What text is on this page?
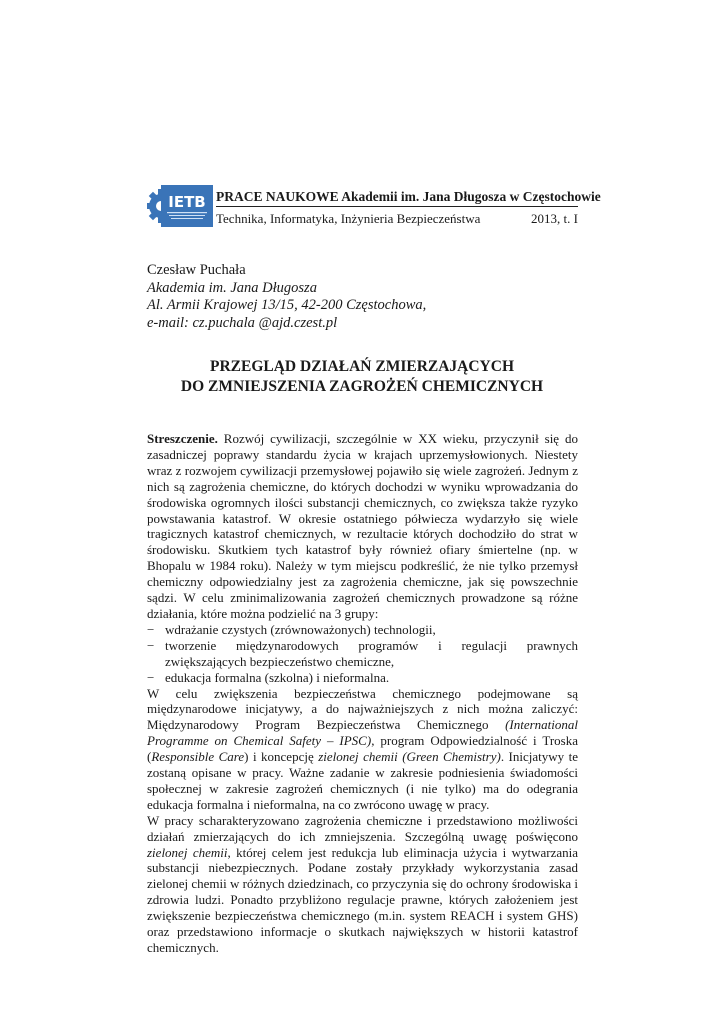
IETB PRACE NAUKOWE Akademii im. Jana Długosza w Częstochowie
Technika, Informatyka, Inżynieria Bezpieczeństwa	2013, t. I
Czesław Puchała
Akademia im. Jana Długosza
Al. Armii Krajowej 13/15, 42-200 Częstochowa,
e-mail: cz.puchala @ajd.czest.pl
PRZEGLĄD DZIAŁAŃ ZMIERZAJĄCYCH
DO ZMNIEJSZENIA ZAGROŻEŃ CHEMICZNYCH

Streszczenie. Rozwój cywilizacji, szczególnie w XX wieku, przyczynił się do zasadniczej poprawy standardu życia w krajach uprzemysłowionych. Niestety wraz z rozwojem cywilizacji przemysłowej pojawiło się wiele zagrożeń. Jednym z nich są zagrożenia chemiczne, do których dochodzi w wyniku wprowadzania do środowiska ogromnych ilości substancji chemicznych, co zwiększa także ryzyko powstawania katastrof. W okresie ostatniego półwiecza wydarzyło się wiele tragicznych katastrof chemicznych, w rezultacie których dochodziło do strat w środowisku. Skutkiem tych katastrof były również ofiary śmiertelne (np. w Bhopalu w 1984 roku). Należy w tym miejscu podkreślić, że nie tylko przemysł chemiczny odpowiedzialny jest za zagrożenia chemiczne, jak się powszechnie sądzi. W celu zminimalizowania zagrożeń chemicznych prowadzone są różne działania, które można podzielić na 3 grupy:

− wdrażanie czystych (zrównoważonych) technologii,
− tworzenie międzynarodowych programów i regulacji prawnych zwiększających bezpieczeństwo chemiczne,
− edukacja formalna (szkolna) i nieformalna.

W celu zwiększenia bezpieczeństwa chemicznego podejmowane są międzynarodowe inicjatywy, a do najważniejszych z nich można zaliczyć: Międzynarodowy Program Bezpieczeństwa Chemicznego (International Programme on Chemical Safety – IPSC), program Odpowiedzialność i Troska (Responsible Care) i koncepcję zielonej chemii (Green Chemistry). Inicjatywy te zostaną opisane w pracy. Ważne zadanie w zakresie podniesienia świadomości społecznej w zakresie zagrożeń chemicznych (i nie tylko) ma do odegrania edukacja formalna i nieformalna, na co zwrócono uwagę w pracy.

W pracy scharakteryzowano zagrożenia chemiczne i przedstawiono możliwości działań zmierzających do ich zmniejszenia. Szczególną uwagę poświęcono zielonej chemii, której celem jest redukcja lub eliminacja użycia i wytwarzania substancji niebezpiecznych. Podane zostały przykłady wykorzystania zasad zielonej chemii w różnych dziedzinach, co przyczynia się do ochrony środowiska i zdrowia ludzi. Ponadto przybliżono regulacje prawne, których założeniem jest zwiększenie bezpieczeństwa chemicznego (m.in. system REACH i system GHS) oraz przedstawiono informacje o skutkach największych w historii katastrof chemicznych.
